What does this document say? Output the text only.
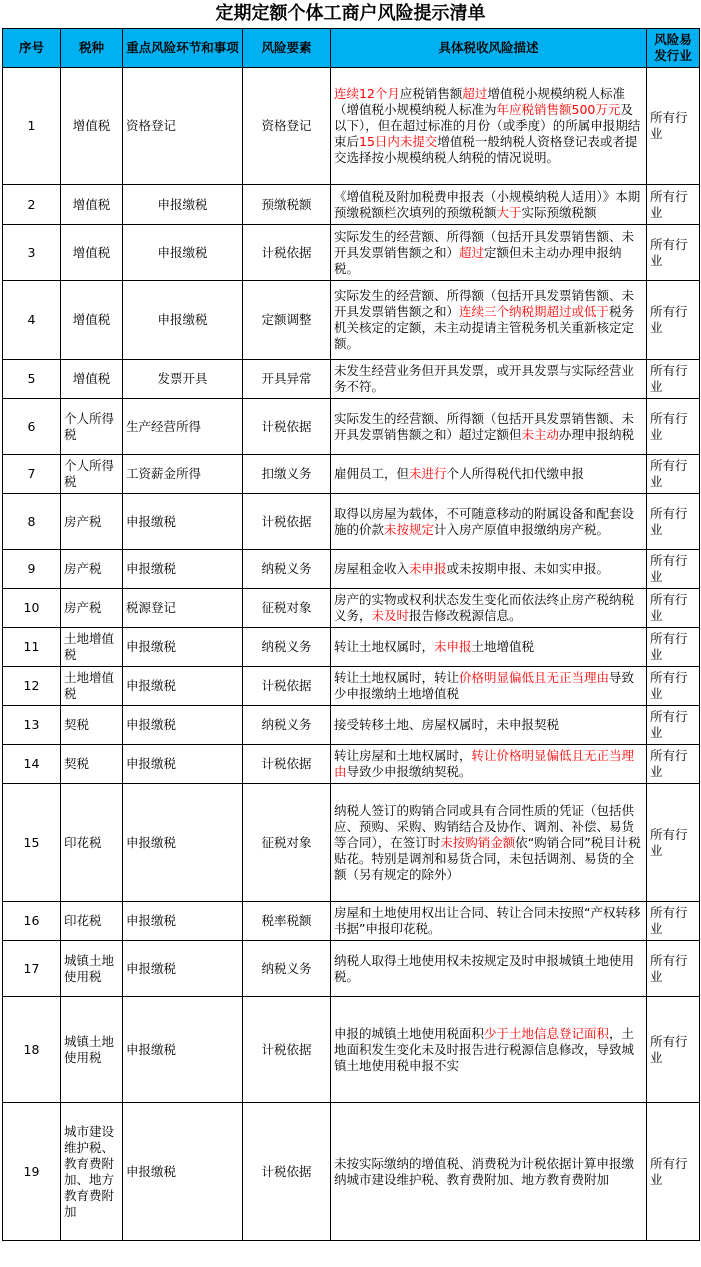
定期定额个体工商户风险提示清单
序号	税种	重点风险环节和事项	风险要素	具体税收风险描述	风险易发行业
1	增值税	资格登记	资格登记	连续12个月应税销售额超过增值税小规模纳税人标准（增值税小规模纳税人标准为年应税销售额500万元及以下），但在超过标准的月份（或季度）的所属申报期结束后15日内未提交增值税一般纳税人资格登记表或者提交选择按小规模纳税人纳税的情况说明。	所有行业
2	增值税	申报缴税	预缴税额	《增值税及附加税费申报表（小规模纳税人适用）》本期预缴税额栏次填列的预缴税额大于实际预缴税额	所有行业
3	增值税	申报缴税	计税依据	实际发生的经营额、所得额（包括开具发票销售额、未开具发票销售额之和）超过定额但未主动办理申报纳税。	所有行业
4	增值税	申报缴税	定额调整	实际发生的经营额、所得额（包括开具发票销售额、未开具发票销售额之和）连续三个纳税期超过或低于税务机关核定的定额，未主动提请主管税务机关重新核定定额。	所有行业
5	增值税	发票开具	开具异常	未发生经营业务但开具发票，或开具发票与实际经营业务不符。	所有行业
6	个人所得税	生产经营所得	计税依据	实际发生的经营额、所得额（包括开具发票销售额、未开具发票销售额之和）超过定额但未主动办理申报纳税	所有行业
7	个人所得税	工资薪金所得	扣缴义务	雇佣员工，但未进行个人所得税代扣代缴申报	所有行业
8	房产税	申报缴税	计税依据	取得以房屋为载体，不可随意移动的附属设备和配套设施的价款未按规定计入房产原值申报缴纳房产税。	所有行业
9	房产税	申报缴税	纳税义务	房屋租金收入未申报或未按期申报、未如实申报。	所有行业
10	房产税	税源登记	征税对象	房产的实物或权利状态发生变化而依法终止房产税纳税义务，未及时报告修改税源信息。	所有行业
11	土地增值税	申报缴税	纳税义务	转让土地权属时，未申报土地增值税	所有行业
12	土地增值税	申报缴税	计税依据	转让土地权属时，转让价格明显偏低且无正当理由导致少申报缴纳土地增值税	所有行业
13	契税	申报缴税	纳税义务	接受转移土地、房屋权属时，未申报契税	所有行业
14	契税	申报缴税	计税依据	转让房屋和土地权属时，转让价格明显偏低且无正当理由导致少申报缴纳契税。	所有行业
15	印花税	申报缴税	征税对象	纳税人签订的购销合同或具有合同性质的凭证（包括供应、预购、采购、购销结合及协作、调剂、补偿、易货等合同），在签订时未按购销金额依“购销合同”税目计税贴花。特别是调剂和易货合同，未包括调剂、易货的全额（另有规定的除外）	所有行业
16	印花税	申报缴税	税率税额	房屋和土地使用权出让合同、转让合同未按照“产权转移书据”申报印花税。	所有行业
17	城镇土地使用税	申报缴税	纳税义务	纳税人取得土地使用权未按规定及时申报城镇土地使用税。	所有行业
18	城镇土地使用税	申报缴税	计税依据	申报的城镇土地使用税面积少于土地信息登记面积，土地面积发生变化未及时报告进行税源信息修改，导致城镇土地使用税申报不实	所有行业
19	城市建设维护税、教育费附加、地方教育费附加	申报缴税	计税依据	未按实际缴纳的增值税、消费税为计税依据计算申报缴纳城市建设维护税、教育费附加、地方教育费附加	所有行业
